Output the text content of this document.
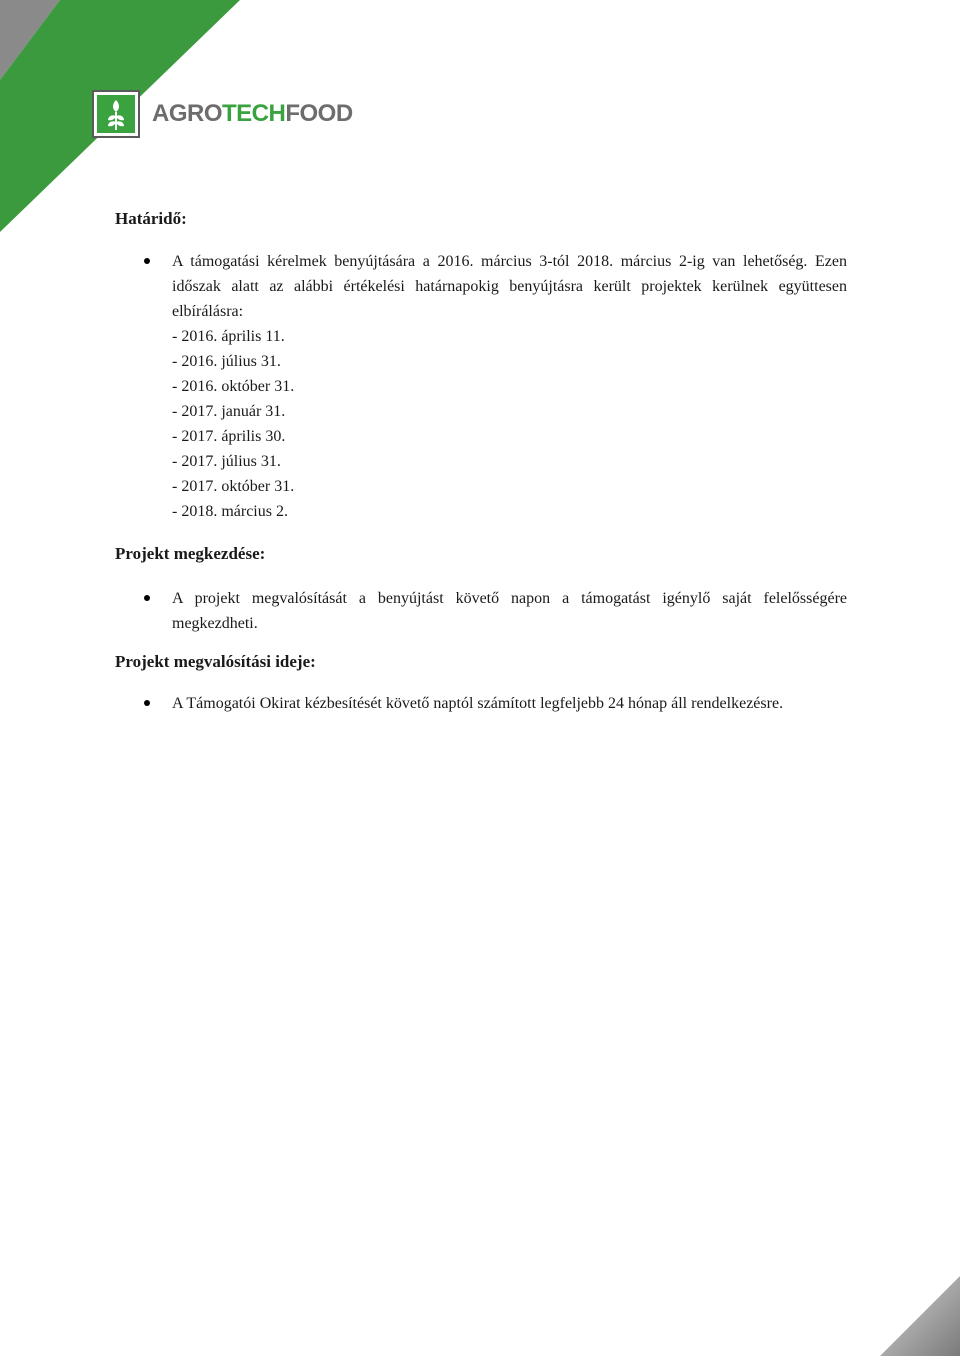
AGROTECHFOOD
Határidő:
A támogatási kérelmek benyújtására a 2016. március 3-tól 2018. március 2-ig van lehetőség. Ezen időszak alatt az alábbi értékelési határnapokig benyújtásra került projektek kerülnek együttesen elbírálásra:
- 2016. április 11.
- 2016. július 31.
- 2016. október 31.
- 2017. január 31.
- 2017. április 30.
- 2017. július 31.
- 2017. október 31.
- 2018. március 2.
Projekt megkezdése:
A projekt megvalósítását a benyújtást követő napon a támogatást igénylő saját felelősségére megkezdheti.
Projekt megvalósítási ideje:
A Támogatói Okirat kézbesítését követő naptól számított legfeljebb 24 hónap áll rendelkezésre.
